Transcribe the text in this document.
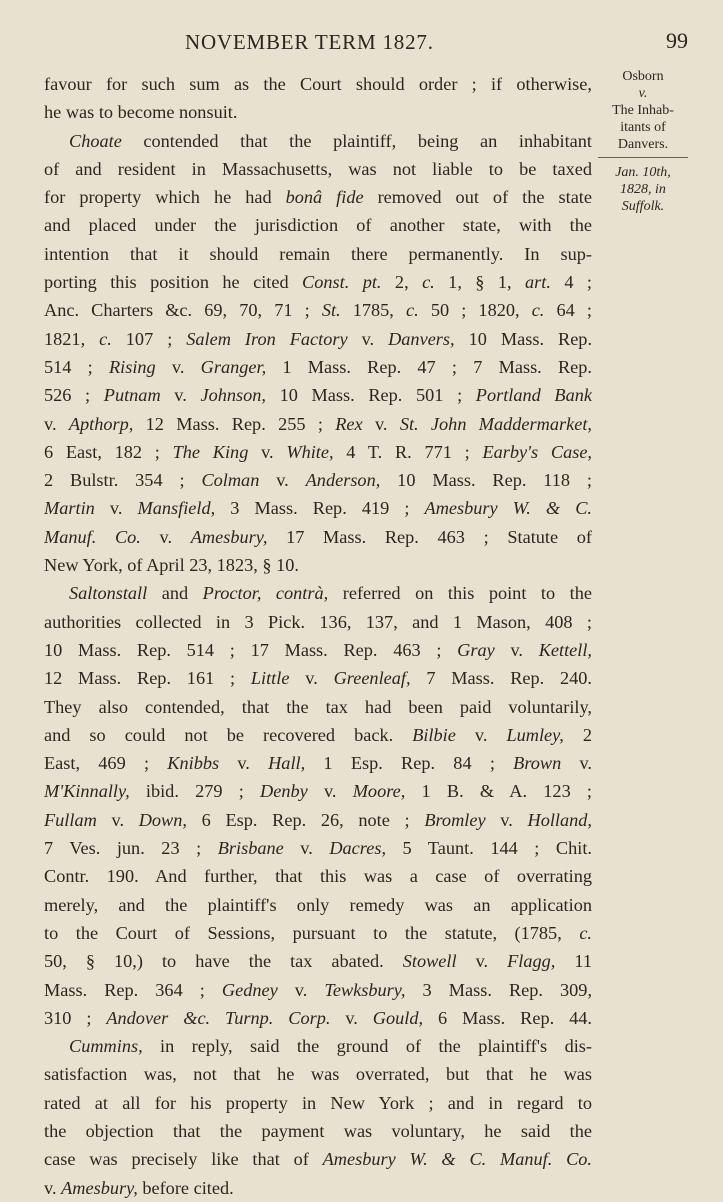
NOVEMBER TERM 1827.	99
Osborn
v.
The Inhab-
itants of
Danvers.
Jan. 10th,
1828, in
Suffolk.
favour for such sum as the Court should order ; if otherwise,
he was to become nonsuit.
Choate contended that the plaintiff, being an inhabitant
of and resident in Massachusetts, was not liable to be taxed
for property which he had bonâ fide removed out of the state
and placed under the jurisdiction of another state, with the
intention that it should remain there permanently. In sup-
porting this position he cited Const. pt. 2, c. 1, § 1, art. 4 ;
Anc. Charters &c. 69, 70, 71 ; St. 1785, c. 50 ; 1820, c. 64 ;
1821, c. 107 ; Salem Iron Factory v. Danvers, 10 Mass. Rep.
514 ; Rising v. Granger, 1 Mass. Rep. 47 ; 7 Mass. Rep.
526 ; Putnam v. Johnson, 10 Mass. Rep. 501 ; Portland Bank
v. Apthorp, 12 Mass. Rep. 255 ; Rex v. St. John Maddermarket,
6 East, 182 ; The King v. White, 4 T. R. 771 ; Earby's Case,
2 Bulstr. 354 ; Colman v. Anderson, 10 Mass. Rep. 118 ;
Martin v. Mansfield, 3 Mass. Rep. 419 ; Amesbury W. & C.
Manuf. Co. v. Amesbury, 17 Mass. Rep. 463 ; Statute of
New York, of April 23, 1823, § 10.
Saltonstall and Proctor, contrà, referred on this point to the
authorities collected in 3 Pick. 136, 137, and 1 Mason, 408 ;
10 Mass. Rep. 514 ; 17 Mass. Rep. 463 ; Gray v. Kettell,
12 Mass. Rep. 161 ; Little v. Greenleaf, 7 Mass. Rep. 240.
They also contended, that the tax had been paid voluntarily,
and so could not be recovered back. Bilbie v. Lumley, 2
East, 469 ; Knibbs v. Hall, 1 Esp. Rep. 84 ; Brown v.
M'Kinnally, ibid. 279 ; Denby v. Moore, 1 B. & A. 123 ;
Fullam v. Down, 6 Esp. Rep. 26, note ; Bromley v. Holland,
7 Ves. jun. 23 ; Brisbane v. Dacres, 5 Taunt. 144 ; Chit.
Contr. 190. And further, that this was a case of overrating
merely, and the plaintiff's only remedy was an application
to the Court of Sessions, pursuant to the statute, (1785, c.
50, § 10,) to have the tax abated. Stowell v. Flagg, 11
Mass. Rep. 364 ; Gedney v. Tewksbury, 3 Mass. Rep. 309,
310 ; Andover &c. Turnp. Corp. v. Gould, 6 Mass. Rep. 44.
Cummins, in reply, said the ground of the plaintiff's dis-
satisfaction was, not that he was overrated, but that he was
rated at all for his property in New York ; and in regard to
the objection that the payment was voluntary, he said the
case was precisely like that of Amesbury W. & C. Manuf. Co.
v. Amesbury, before cited.
